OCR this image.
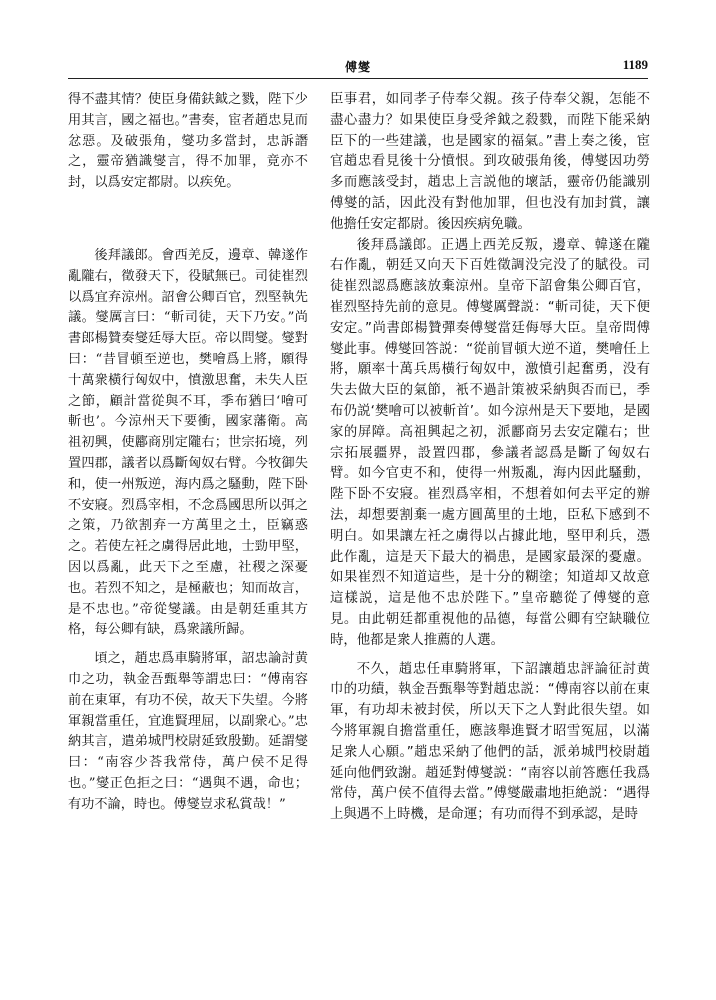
傅燮	1189

得不盡其情？使臣身備鈇鉞之戮，陛下少用其言，國之福也。”書奏，宦者趙忠見而忿惡。及破張角，燮功多當封，忠訴譖之，靈帝猶識燮言，得不加罪，竟亦不封，以爲安定都尉。以疾免。

後拜議郎。會西羌反，邊章、韓遂作亂隴右，徵發天下，役賦無已。司徒崔烈以爲宜弃涼州。詔會公卿百官，烈堅執先議。燮厲言曰：“斬司徒，天下乃安。”尚書郎楊贊奏燮廷辱大臣。帝以問燮。燮對曰：“昔冒頓至逆也，樊噲爲上將，願得十萬衆橫行匈奴中，憤激思奮，未失人臣之節，顧計當從與不耳，季布猶曰‘噲可斬也’。今涼州天下要衝，國家藩衛。高祖初興，使酈商別定隴右；世宗拓境，列置四郡，議者以爲斷匈奴右臂。今牧御失和，使一州叛逆，海内爲之騷動，陛下卧不安寢。烈爲宰相，不念爲國思所以弭之之策，乃欲割弃一方萬里之土，臣竊惑之。若使左衽之虜得居此地，士勁甲堅，因以爲亂，此天下之至慮，社稷之深憂也。若烈不知之，是極蔽也；知而故言，是不忠也。”帝從燮議。由是朝廷重其方格，每公卿有缺，爲衆議所歸。

頃之，趙忠爲車騎將軍，詔忠論討黄巾之功，執金吾甄舉等謂忠曰：“傅南容前在東軍，有功不侯，故天下失望。今將軍親當重任，宜進賢理屈，以副衆心。”忠納其言，遣弟城門校尉延致殷勤。延謂燮曰：“南容少荅我常侍，萬户侯不足得也。”燮正色拒之曰：“遇與不遇，命也；有功不論，時也。傅燮豈求私賞哉！”

臣事君，如同孝子侍奉父親。孩子侍奉父親，怎能不盡心盡力？如果使臣身受斧鉞之殺戮，而陛下能采納臣下的一些建議，也是國家的福氣。”書上奏之後，宦官趙忠看見後十分憤恨。到攻破張角後，傅燮因功勞多而應該受封，趙忠上言説他的壞話，靈帝仍能識别傅燮的話，因此没有對他加罪，但也没有加封賞，讓他擔任安定都尉。後因疾病免職。

後拜爲議郎。正遇上西羌反叛，邊章、韓遂在隴右作亂，朝廷又向天下百姓徵調没完没了的賦役。司徒崔烈認爲應該放棄涼州。皇帝下詔會集公卿百官，崔烈堅持先前的意見。傅燮厲聲説：“斬司徒，天下便安定。”尚書郎楊贊彈奏傅燮當廷侮辱大臣。皇帝問傅燮此事。傅燮回答説：“從前冒頓大逆不道，樊噲任上將，願率十萬兵馬橫行匈奴中，激憤引起奮勇，没有失去做大臣的氣節，衹不過計策被采納與否而已，季布仍説‘樊噲可以被斬首’。如今涼州是天下要地，是國家的屏障。高祖興起之初，派酈商另去安定隴右；世宗拓展疆界，設置四郡，參議者認爲是斷了匈奴右臂。如今官吏不和，使得一州叛亂，海内因此騷動，陛下卧不安寢。崔烈爲宰相，不想着如何去平定的辦法，却想要割棄一處方圓萬里的土地，臣私下感到不明白。如果讓左衽之虜得以占據此地，堅甲利兵，憑此作亂，這是天下最大的禍患，是國家最深的憂慮。如果崔烈不知道這些，是十分的糊塗；知道却又故意這樣説，這是他不忠於陛下。”皇帝聽從了傅燮的意見。由此朝廷都重視他的品德，每當公卿有空缺職位時，他都是衆人推薦的人選。

不久，趙忠任車騎將軍，下詔讓趙忠評論征討黄巾的功績，執金吾甄舉等對趙忠説：“傅南容以前在東軍，有功却未被封侯，所以天下之人對此很失望。如今將軍親自擔當重任，應該舉進賢才昭雪冤屈，以滿足衆人心願。”趙忠采納了他們的話，派弟城門校尉趙延向他們致謝。趙延對傅燮説：“南容以前答應任我爲常侍，萬户侯不值得去當。”傅燮嚴肅地拒絶説：“遇得上與遇不上時機，是命運；有功而得不到承認，是時
